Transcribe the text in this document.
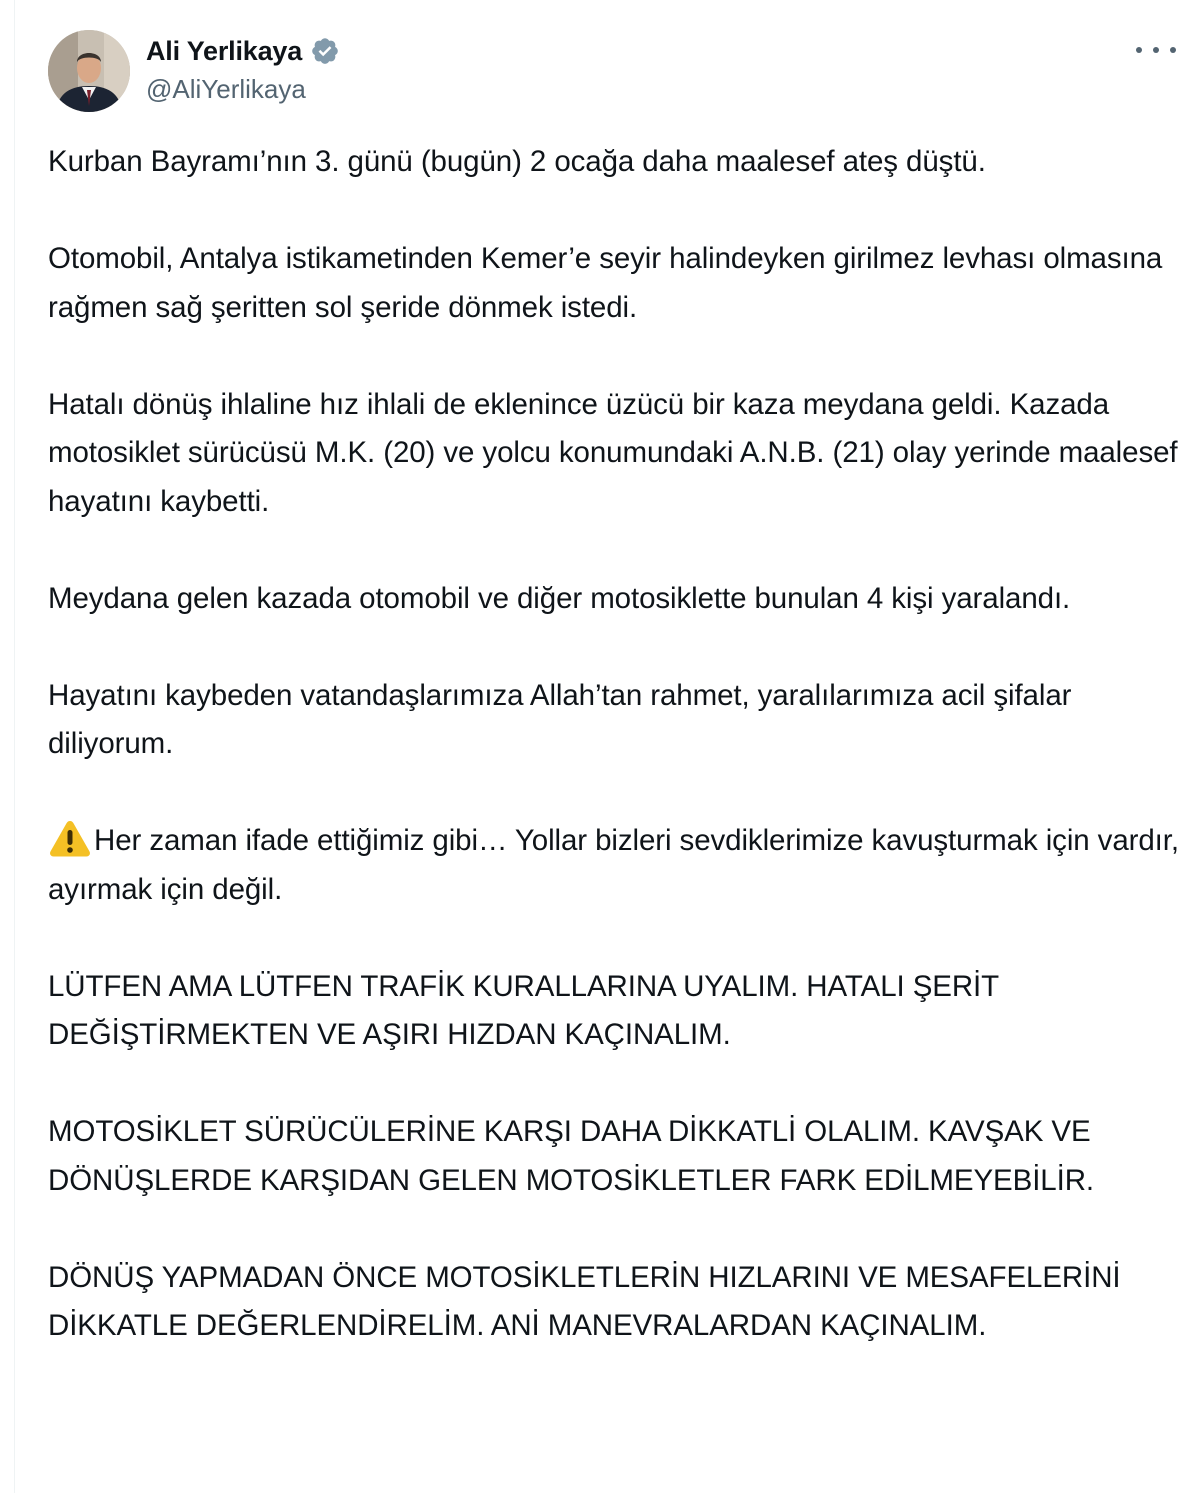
Ali Yerlikaya
@AliYerlikaya

Kurban Bayramı’nın 3. günü (bugün) 2 ocağa daha maalesef ateş düştü.

Otomobil, Antalya istikametinden Kemer’e seyir halindeyken girilmez levhası olmasına rağmen sağ şeritten sol şeride dönmek istedi.

Hatalı dönüş ihlaline hız ihlali de eklenince üzücü bir kaza meydana geldi. Kazada motosiklet sürücüsü M.K. (20) ve yolcu konumundaki A.N.B. (21) olay yerinde maalesef hayatını kaybetti.

Meydana gelen kazada otomobil ve diğer motosiklette bunulan 4 kişi yaralandı.

Hayatını kaybeden vatandaşlarımıza Allah’tan rahmet, yaralılarımıza acil şifalar diliyorum.

Her zaman ifade ettiğimiz gibi… Yollar bizleri sevdiklerimize kavuşturmak için vardır, ayırmak için değil.

LÜTFEN AMA LÜTFEN TRAFİK KURALLARINA UYALIM. HATALI ŞERİT DEĞİŞTİRMEKTEN VE AŞIRI HIZDAN KAÇINALIM.

MOTOSİKLET SÜRÜCÜLERİNE KARŞI DAHA DİKKATLİ OLALIM. KAVŞAK VE DÖNÜŞLERDE KARŞIDAN GELEN MOTOSİKLETLER FARK EDİLMEYEBİLİR.

DÖNÜŞ YAPMADAN ÖNCE MOTOSİKLETLERİN HIZLARINI VE MESAFELERİNİ DİKKATLE DEĞERLENDİRELİM. ANİ MANEVRALARDAN KAÇINALIM.
